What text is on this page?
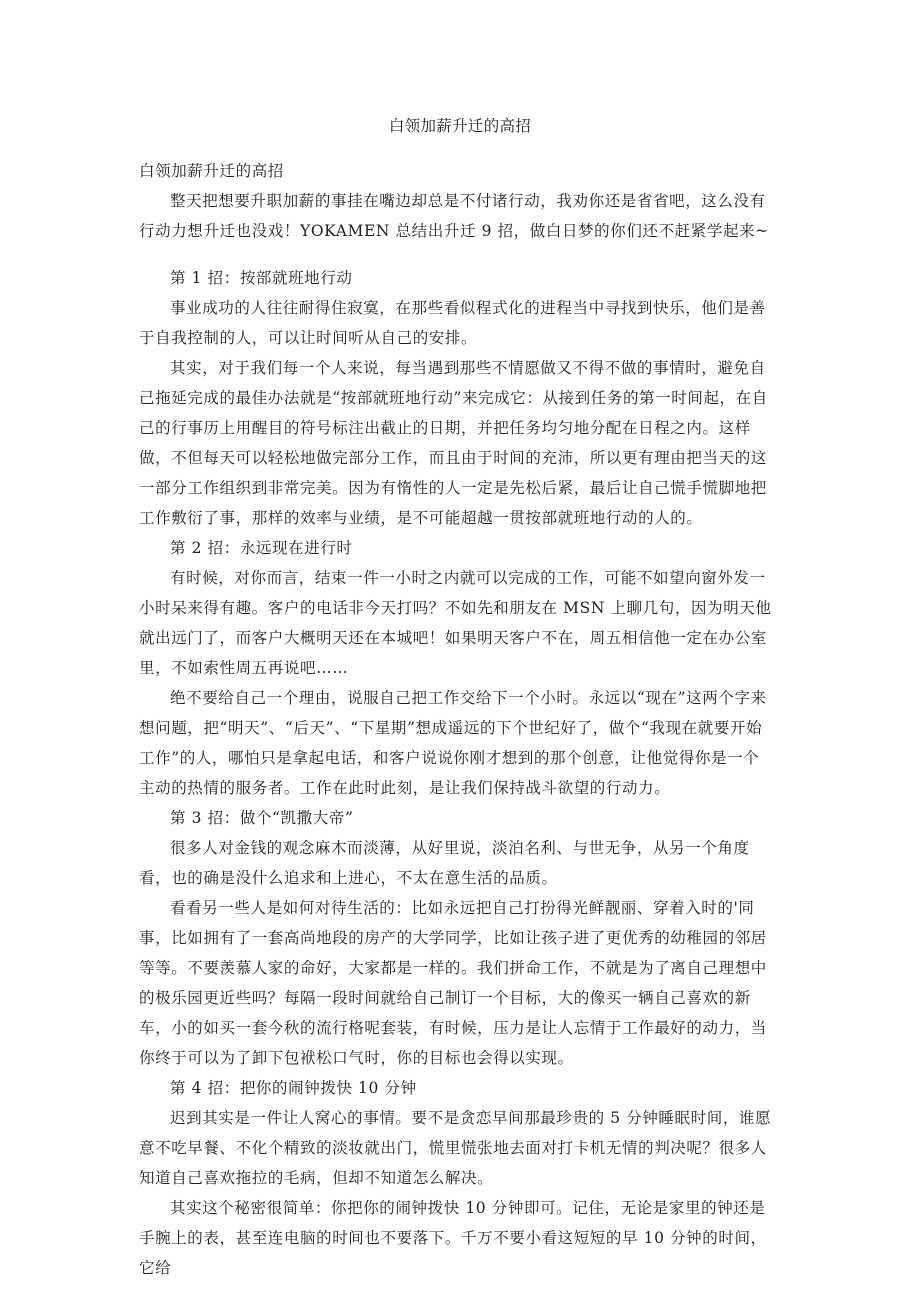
白领加薪升迁的高招

白领加薪升迁的高招

整天把想要升职加薪的事挂在嘴边却总是不付诸行动，我劝你还是省省吧，这么没有行动力想升迁也没戏！YOKAMEN 总结出升迁 9 招，做白日梦的你们还不赶紧学起来~

第 1 招：按部就班地行动

事业成功的人往往耐得住寂寞，在那些看似程式化的进程当中寻找到快乐，他们是善于自我控制的人，可以让时间听从自己的安排。

其实，对于我们每一个人来说，每当遇到那些不情愿做又不得不做的事情时，避免自己拖延完成的最佳办法就是“按部就班地行动”来完成它：从接到任务的第一时间起，在自己的行事历上用醒目的符号标注出截止的日期，并把任务均匀地分配在日程之内。这样做，不但每天可以轻松地做完部分工作，而且由于时间的充沛，所以更有理由把当天的这一部分工作组织到非常完美。因为有惰性的人一定是先松后紧，最后让自己慌手慌脚地把工作敷衍了事，那样的效率与业绩，是不可能超越一贯按部就班地行动的人的。

第 2 招：永远现在进行时

有时候，对你而言，结束一件一小时之内就可以完成的工作，可能不如望向窗外发一小时呆来得有趣。客户的电话非今天打吗？不如先和朋友在 MSN 上聊几句，因为明天他就出远门了，而客户大概明天还在本城吧！如果明天客户不在，周五相信他一定在办公室里，不如索性周五再说吧……

绝不要给自己一个理由，说服自己把工作交给下一个小时。永远以“现在”这两个字来想问题，把“明天”、“后天”、“下星期”想成遥远的下个世纪好了，做个“我现在就要开始工作”的人，哪怕只是拿起电话，和客户说说你刚才想到的那个创意，让他觉得你是一个主动的热情的服务者。工作在此时此刻，是让我们保持战斗欲望的行动力。

第 3 招：做个“凯撒大帝”

很多人对金钱的观念麻木而淡薄，从好里说，淡泊名利、与世无争，从另一个角度看，也的确是没什么追求和上进心，不太在意生活的品质。

看看另一些人是如何对待生活的：比如永远把自己打扮得光鲜靓丽、穿着入时的'同事，比如拥有了一套高尚地段的房产的大学同学，比如让孩子进了更优秀的幼稚园的邻居等等。不要羡慕人家的命好，大家都是一样的。我们拼命工作，不就是为了离自己理想中的极乐园更近些吗？每隔一段时间就给自己制订一个目标，大的像买一辆自己喜欢的新车，小的如买一套今秋的流行格呢套装，有时候，压力是让人忘情于工作最好的动力，当你终于可以为了卸下包袱松口气时，你的目标也会得以实现。

第 4 招：把你的闹钟拨快 10 分钟

迟到其实是一件让人窝心的事情。要不是贪恋早间那最珍贵的 5 分钟睡眠时间，谁愿意不吃早餐、不化个精致的淡妆就出门，慌里慌张地去面对打卡机无情的判决呢？很多人知道自己喜欢拖拉的毛病，但却不知道怎么解决。

其实这个秘密很简单：你把你的闹钟拨快 10 分钟即可。记住，无论是家里的钟还是手腕上的表，甚至连电脑的时间也不要落下。千万不要小看这短短的早 10 分钟的时间，它给
